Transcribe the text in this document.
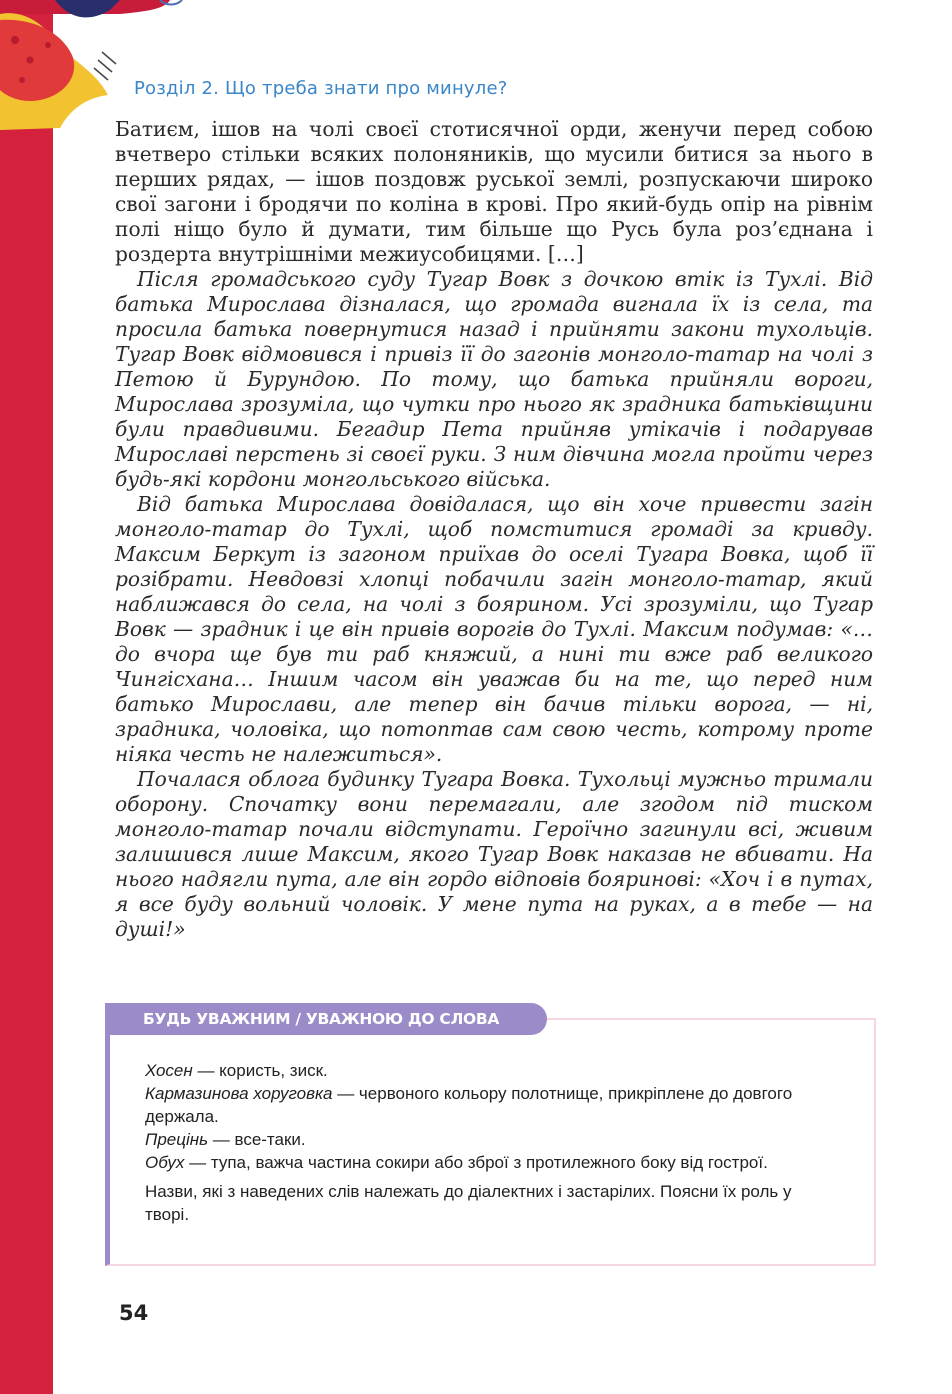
Розділ 2. Що треба знати про минуле?

Батиєм, ішов на чолі своєї стотисячної орди, женучи перед собою вчетверо стільки всяких полоняників, що мусили битися за нього в перших рядах, — ішов поздовж руської землі, розпускаючи широко свої загони і бродячи по коліна в крові. Про який-будь опір на рівнім полі ніщо було й думати, тим більше що Русь була роз’єднана і роздерта внутрішніми межиусобицями. […]

Після громадського суду Тугар Вовк з дочкою втік із Тухлі. Від батька Мирослава дізналася, що громада вигнала їх із села, та просила батька повернутися назад і прийняти закони тухольців. Тугар Вовк відмовився і привіз її до загонів монголо-татар на чолі з Петою й Бурундою. По тому, що батька прийняли вороги, Мирослава зрозуміла, що чутки про нього як зрадника батьківщини були правдивими. Бегадир Пета прийняв утікачів і подарував Мирославі перстень зі своєї руки. З ним дівчина могла пройти через будь-які кордони монгольського війська.

Від батька Мирослава довідалася, що він хоче привести загін монголо-татар до Тухлі, щоб помститися громаді за кривду. Максим Беркут із загоном приїхав до оселі Тугара Вовка, щоб її розібрати. Невдовзі хлопці побачили загін монголо-татар, який наближався до села, на чолі з боярином. Усі зрозуміли, що Тугар Вовк — зрадник і це він привів ворогів до Тухлі. Максим подумав: «… до вчора ще був ти раб княжий, а нині ти вже раб великого Чингісхана… Іншим часом він уважав би на те, що перед ним батько Мирослави, але тепер він бачив тільки ворога, — ні, зрадника, чоловіка, що потоптав сам свою честь, котрому проте ніяка честь не належиться».

Почалася облога будинку Тугара Вовка. Тухольці мужньо тримали оборону. Спочатку вони перемагали, але згодом під тиском монголо-татар почали відступати. Героїчно загинули всі, живим залишився лише Максим, якого Тугар Вовк наказав не вбивати. На нього надягли пута, але він гордо відповів бояринові: «Хоч і в путах, я все буду вольний чоловік. У мене пута на руках, а в тебе — на душі!»

БУДЬ УВАЖНИМ / УВАЖНОЮ ДО СЛОВА

Хосен — користь, зиск.

Кармазинова хоруговка — червоного кольору полотнище, прикріплене до довгого держала.

Прецінь — все-таки.

Обух — тупа, важча частина сокири або зброї з протилежного боку від гострої.

Назви, які з наведених слів належать до діалектних і застарілих. Поясни їх роль у творі.

54
